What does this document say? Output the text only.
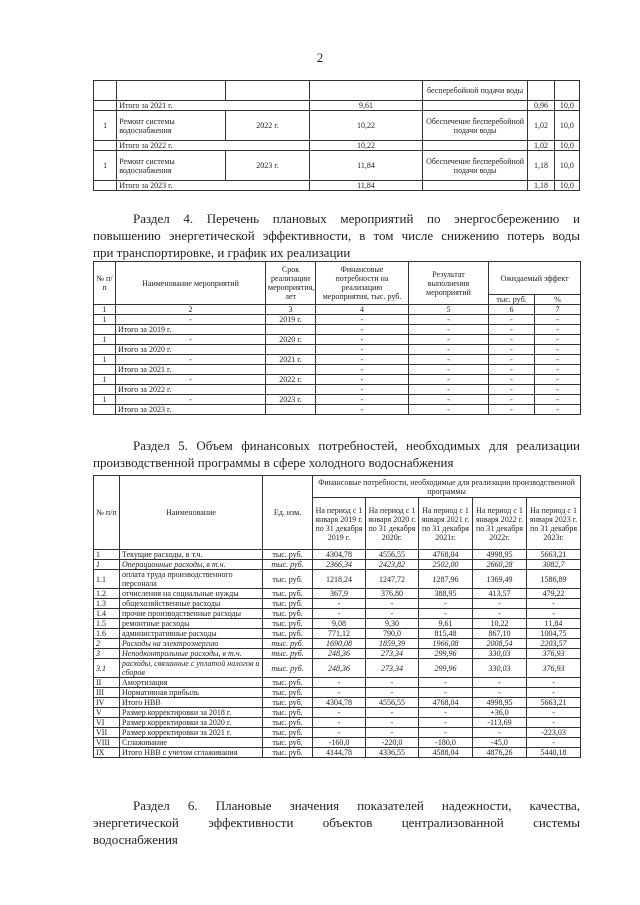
2
				бесперебойной подачи воды		
	Итого за 2021 г.		9,61		0,96	10,0
1	Ремонт системы водоснабжения	2022 г.	10,22	Обеспечение бесперебойной подачи воды	1,02	10,0
	Итого за 2022 г.		10,22		1,02	10,0
1	Ремонт системы водоснабжения	2023 г.	11,84	Обеспечение бесперебойной подачи воды	1,18	10,0
	Итого за 2023 г.		11,84		1,18	10,0
Раздел 4. Перечень плановых мероприятий по энергосбережению и
повышению энергетической эффективности, в том числе снижению потерь воды
при транспортировке, и график их реализации
№ п/п	Наименование мероприятий	Срок реализации мероприятия, лет	Финансовые потребности на реализацию мероприятия, тыс. руб.	Результат выполнения мероприятий	Ожидаемый эффект	
					тыс. руб.	%
1	2	3	4	5	6	7
1	-	2019 г.	-	-	-	-
	Итого за 2019 г.		-	-	-	-
1	-	2020 г.	-	-	-	-
	Итого за 2020 г.		-	-	-	-
1	-	2021 г.	-	-	-	-
	Итого за 2021 г.		-	-	-	-
1	-	2022 г.	-	-	-	-
	Итого за 2022 г.		-	-	-	-
1	-	2023 г.	-	-	-	-
	Итого за 2023 г.		-	-	-	-
Раздел 5. Объем финансовых потребностей, необходимых для реализации
производственной программы в сфере холодного водоснабжения
№ п/п	Наименование	Ед. изм.	Финансовые потребности, необходимые для реализации производственной программы				
			На период с 1 января 2019 г. по 31 декабря 2019 г.	На период с 1 января 2020 г. по 31 декабря 2020г.	На период с 1 января 2021 г. по 31 декабря 2021г.	На период с 1 января 2022 г. по 31 декабря 2022г.	На период с 1 января 2023 г. по 31 декабря 2023г.
1	Текущие расходы, в т.ч.	тыс. руб.	4304,78	4556,55	4768,04	4998,95	5663,21
1	Операционные расходы, в т.ч.	тыс. руб.	2366,34	2423,82	2502,00	2660,28	3082,7
1.1	оплата труда производственного персонала	тыс. руб.	1218,24	1247,72	1287,96	1369,49	1586,89
1.2	отчисления на социальные нужды	тыс. руб.	367,9	376,80	388,95	413,57	479,22
1.3	общехозяйственные расходы	тыс. руб.	-	-	-	-	-
1.4	прочие производственные расходы	тыс. руб.	-	-	-	-	-
1.5	ремонтные расходы	тыс. руб.	9,08	9,30	9,61	10,22	11,84
1.6	административные расходы	тыс. руб.	771,12	790,0	815,48	867,10	1004,75
2	Расходы на электроэнергию	тыс. руб.	1690,08	1859,39	1966,08	2008,54	2203,57
3	Неподконтрольные расходы, в т.ч.	тыс. руб.	248,36	273,34	299,96	330,03	376,93
3.1	расходы, связанные с уплатой налогов и сборов	тыс. руб.	248,36	273,34	299,96	330,03	376,93
II	Амортизация	тыс. руб.	-	-	-	-	-
III	Нормативная прибыль	тыс. руб.	-	-	-	-	-
IV	Итого НВВ	тыс. руб.	4304,78	4556,55	4768,04	4998,95	5663,21
V	Размер корректировки за 2018 г.	тыс. руб.	-	-	-	+36,0	-
VI	Размер корректировки за 2020 г.	тыс. руб.	-	-	-	-113,69	-
VII	Размер корректировки за 2021 г.	тыс. руб.	-	-	-	-	-223,03
VIII	Сглаживание	тыс. руб.	-160,0	-220,0	-180,0	-45,0	-
IX	Итого НВВ с учетом сглаживания	тыс. руб.	4144,78	4336,55	4588,04	4876,26	5440,18
Раздел 6. Плановые значения показателей надежности, качества,
энергетической эффективности объектов централизованной системы
водоснабжения
